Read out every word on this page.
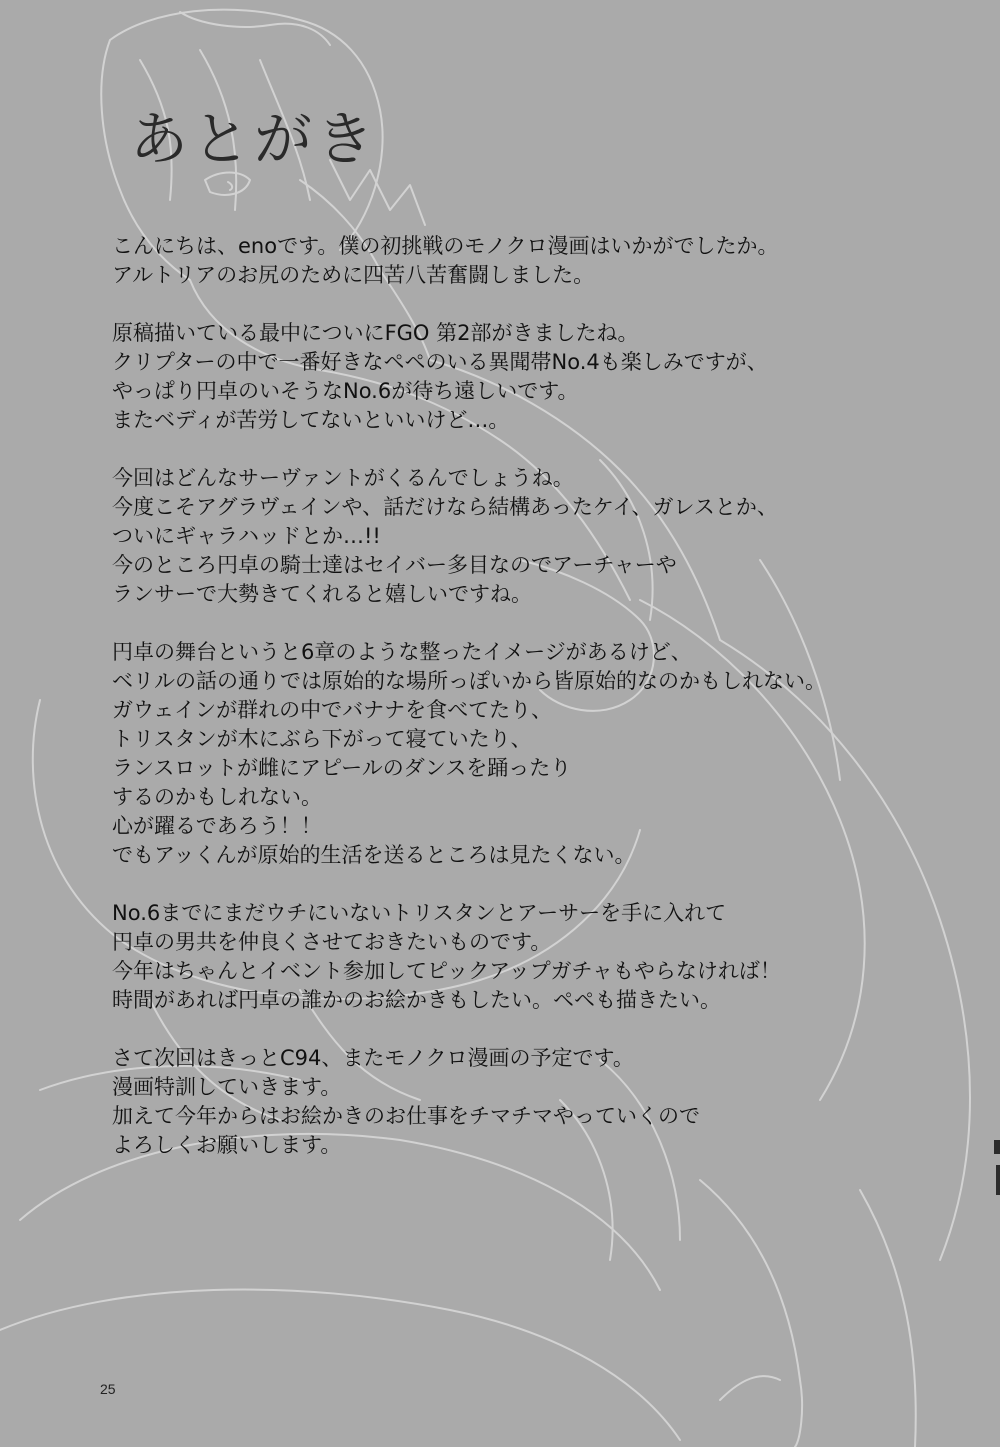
あとがき
こんにちは、enoです。僕の初挑戦のモノクロ漫画はいかがでしたか。
アルトリアのお尻のために四苦八苦奮闘しました。
原稿描いている最中についにFGO 第2部がきましたね。
クリプターの中で一番好きなペペのいる異聞帯No.4も楽しみですが、
やっぱり円卓のいそうなNo.6が待ち遠しいです。
またベディが苦労してないといいけど…。
今回はどんなサーヴァントがくるんでしょうね。
今度こそアグラヴェインや、話だけなら結構あったケイ、ガレスとか、
ついにギャラハッドとか…!!
今のところ円卓の騎士達はセイバー多目なのでアーチャーや
ランサーで大勢きてくれると嬉しいですね。
円卓の舞台というと6章のような整ったイメージがあるけど、
ベリルの話の通りでは原始的な場所っぽいから皆原始的なのかもしれない。
ガウェインが群れの中でバナナを食べてたり、
トリスタンが木にぶら下がって寝ていたり、
ランスロットが雌にアピールのダンスを踊ったり
するのかもしれない。
心が躍るであろう！！
でもアッくんが原始的生活を送るところは見たくない。
No.6までにまだウチにいないトリスタンとアーサーを手に入れて
円卓の男共を仲良くさせておきたいものです。
今年はちゃんとイベント参加してピックアップガチャもやらなければ！
時間があれば円卓の誰かのお絵かきもしたい。ペペも描きたい。
さて次回はきっとC94、またモノクロ漫画の予定です。
漫画特訓していきます。
加えて今年からはお絵かきのお仕事をチマチマやっていくので
よろしくお願いします。
25
